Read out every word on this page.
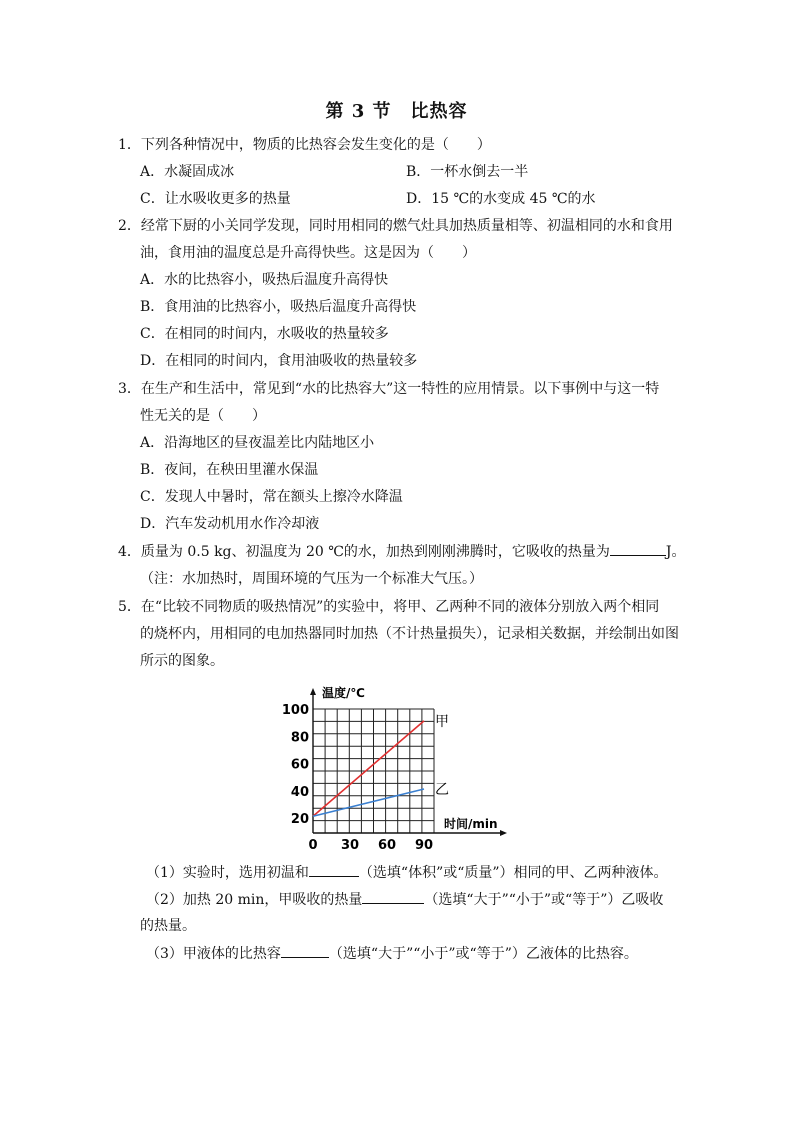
第 3 节　比热容
1．下列各种情况中，物质的比热容会发生变化的是（　　）
A．水凝固成冰	B．一杯水倒去一半
C．让水吸收更多的热量	D．15 ℃的水变成 45 ℃的水
2．经常下厨的小关同学发现，同时用相同的燃气灶具加热质量相等、初温相同的水和食用
油，食用油的温度总是升高得快些。这是因为（　　）
A．水的比热容小，吸热后温度升高得快
B．食用油的比热容小，吸热后温度升高得快
C．在相同的时间内，水吸收的热量较多
D．在相同的时间内，食用油吸收的热量较多
3．在生产和生活中，常见到“水的比热容大”这一特性的应用情景。以下事例中与这一特
性无关的是（　　）
A．沿海地区的昼夜温差比内陆地区小
B．夜间，在秧田里灌水保温
C．发现人中暑时，常在额头上擦冷水降温
D．汽车发动机用水作冷却液
4．质量为 0.5 kg、初温度为 20 ℃的水，加热到刚刚沸腾时，它吸收的热量为	J。
（注：水加热时，周围环境的气压为一个标准大气压。）
5．在“比较不同物质的吸热情况”的实验中，将甲、乙两种不同的液体分别放入两个相同
的烧杯内，用相同的电加热器同时加热（不计热量损失），记录相关数据，并绘制出如图
所示的图象。
20
40
60
80
100
0 30 60 90
甲
乙
温度/℃
时间/min
（1）实验时，选用初温和	（选填“体积”或“质量”）相同的甲、乙两种液体。
（2）加热 20 min，甲吸收的热量	（选填“大于”“小于”或“等于”）乙吸收
的热量。
（3）甲液体的比热容	（选填“大于”“小于”或“等于”）乙液体的比热容。
